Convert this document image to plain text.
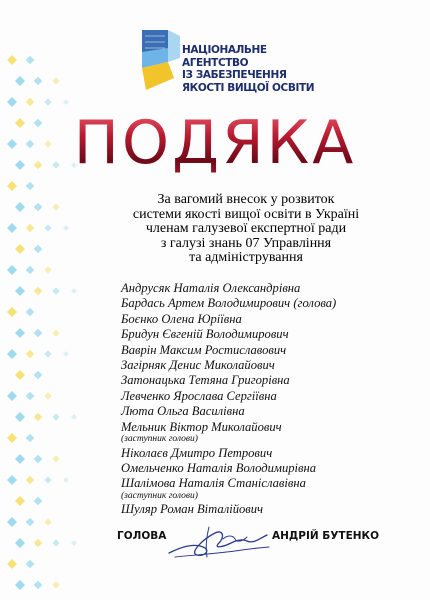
НАЦІОНАЛЬНЕ
АГЕНТСТВО
ІЗ ЗАБЕЗПЕЧЕННЯ
ЯКОСТІ ВИЩОЇ ОСВІТИ
ПОДЯКА
За вагомий внесок у розвиток
системи якості вищої освіти в Україні
членам галузевої експертної ради
з галузі знань 07 Управління
та адміністрування
Андрусяк Наталія Олександрівна
Бардась Артем Володимирович (голова)
Боєнко Олена Юріївна
Бридун Євгеній Володимирович
Ваврін Максим Ростиславович
Загірняк Денис Миколайович
Затонацька Тетяна Григорівна
Левченко Ярослава Сергіївна
Люта Ольга Василівна
Мельник Віктор Миколайович
(заступник голови)
Ніколаєв Дмитро Петрович
Омельченко Наталія Володимирівна
Шалімова Наталія Станіславівна
(заступник голови)
Шуляр Роман Віталійович
ГОЛОВА	АНДРІЙ БУТЕНКО
